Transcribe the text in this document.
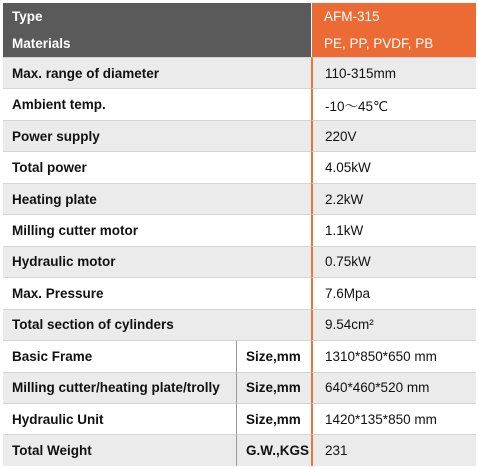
Type	AFM-315
Materials	PE, PP, PVDF, PB
Max. range of diameter	110-315mm
Ambient temp.	-10〜45℃
Power supply	220V
Total power	4.05kW
Heating plate	2.2kW
Milling cutter motor	1.1kW
Hydraulic motor	0.75kW
Max. Pressure	7.6Mpa
Total section of cylinders	9.54cm²
Basic Frame	Size,mm	1310*850*650 mm
Milling cutter/heating plate/trolly	Size,mm	640*460*520 mm
Hydraulic Unit	Size,mm	1420*135*850 mm
Total Weight	G.W.,KGS	231
